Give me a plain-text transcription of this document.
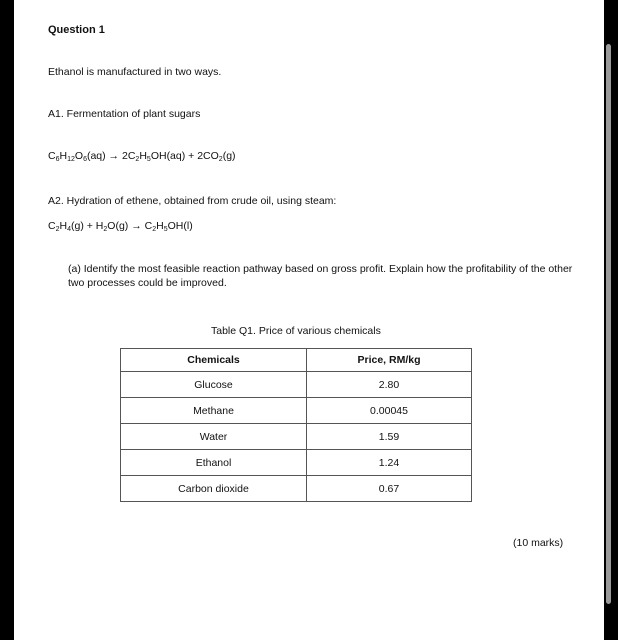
Question 1
Ethanol is manufactured in two ways.
A1. Fermentation of plant sugars
$C_6H_{12}O_6(aq) \to 2C_2H_5OH(aq) + 2CO_2(g)$
A2. Hydration of ethene, obtained from crude oil, using steam:
$C_2H_4(g) + H_2O(g) \to C_2H_5OH(l)$
(a) Identify the most feasible reaction pathway based on gross profit. Explain how the profitability of the other two processes could be improved.
Table Q1. Price of various chemicals
Chemicals	Price, RM/kg
Glucose	2.80
Methane	0.00045
Water	1.59
Ethanol	1.24
Carbon dioxide	0.67
(10 marks)
